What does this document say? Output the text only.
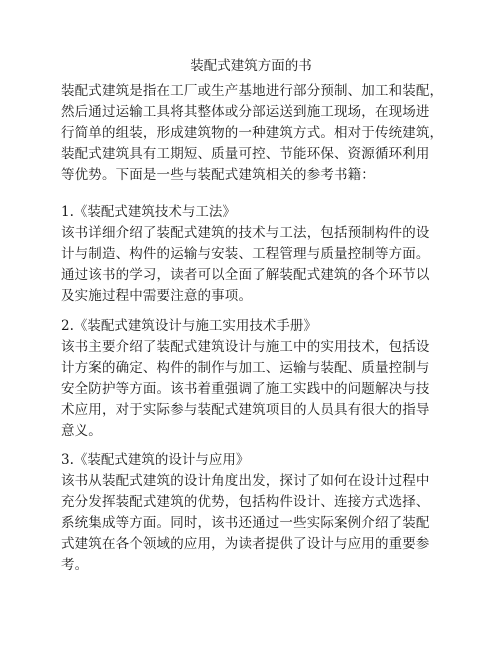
装配式建筑方面的书
装配式建筑是指在工厂或生产基地进行部分预制、加工和装配，
然后通过运输工具将其整体或分部运送到施工现场，在现场进
行简单的组装，形成建筑物的一种建筑方式。相对于传统建筑，
装配式建筑具有工期短、质量可控、节能环保、资源循环利用
等优势。下面是一些与装配式建筑相关的参考书籍：
1.《装配式建筑技术与工法》
该书详细介绍了装配式建筑的技术与工法，包括预制构件的设
计与制造、构件的运输与安装、工程管理与质量控制等方面。
通过该书的学习，读者可以全面了解装配式建筑的各个环节以
及实施过程中需要注意的事项。
2.《装配式建筑设计与施工实用技术手册》
该书主要介绍了装配式建筑设计与施工中的实用技术，包括设
计方案的确定、构件的制作与加工、运输与装配、质量控制与
安全防护等方面。该书着重强调了施工实践中的问题解决与技
术应用，对于实际参与装配式建筑项目的人员具有很大的指导
意义。
3.《装配式建筑的设计与应用》
该书从装配式建筑的设计角度出发，探讨了如何在设计过程中
充分发挥装配式建筑的优势，包括构件设计、连接方式选择、
系统集成等方面。同时，该书还通过一些实际案例介绍了装配
式建筑在各个领域的应用，为读者提供了设计与应用的重要参
考。
